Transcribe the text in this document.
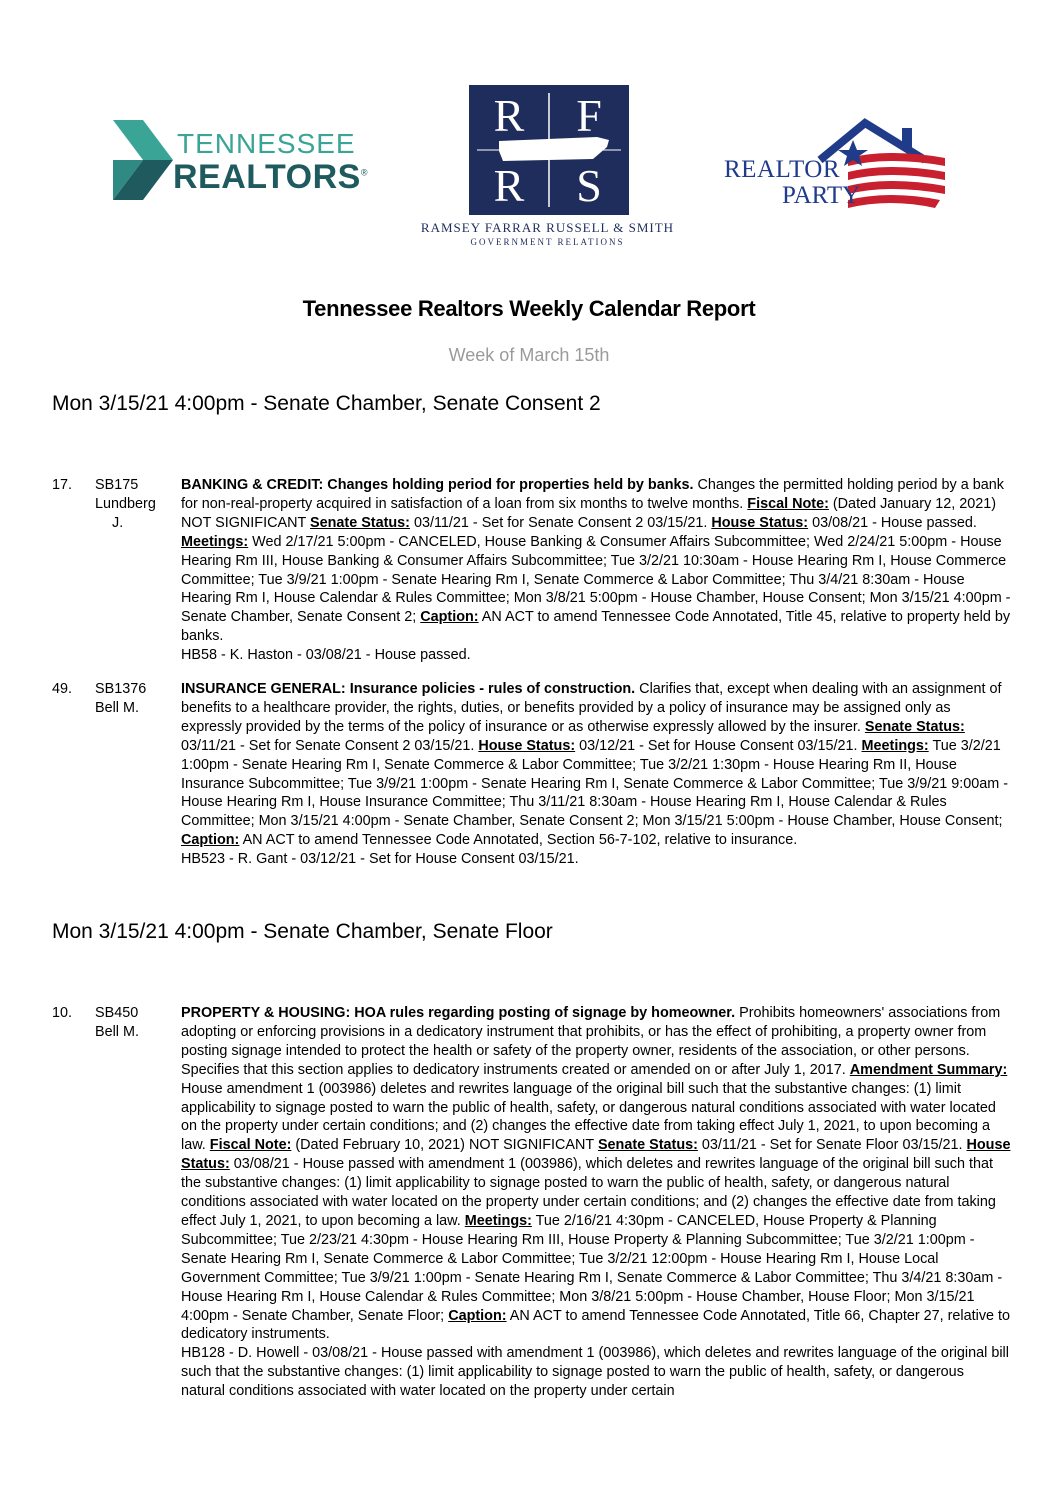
TENNESSEE
REALTORS®
R	F
R	S
RAMSEY FARRAR RUSSELL & SMITH
GOVERNMENT RELATIONS
REALTOR
PARTY
Tennessee Realtors Weekly Calendar Report
Week of March 15th
Mon 3/15/21 4:00pm - Senate Chamber, Senate Consent 2
17.	SB175
Lundberg
J.
BANKING & CREDIT: Changes holding period for properties held by banks. Changes the permitted holding period by a bank for non-real-property acquired in satisfaction of a loan from six months to twelve months. Fiscal Note: (Dated January 12, 2021) NOT SIGNIFICANT Senate Status: 03/11/21 - Set for Senate Consent 2 03/15/21. House Status: 03/08/21 - House passed. Meetings: Wed 2/17/21 5:00pm - CANCELED, House Banking & Consumer Affairs Subcommittee; Wed 2/24/21 5:00pm - House Hearing Rm III, House Banking & Consumer Affairs Subcommittee; Tue 3/2/21 10:30am - House Hearing Rm I, House Commerce Committee; Tue 3/9/21 1:00pm - Senate Hearing Rm I, Senate Commerce & Labor Committee; Thu 3/4/21 8:30am - House Hearing Rm I, House Calendar & Rules Committee; Mon 3/8/21 5:00pm - House Chamber, House Consent; Mon 3/15/21 4:00pm - Senate Chamber, Senate Consent 2; Caption: AN ACT to amend Tennessee Code Annotated, Title 45, relative to property held by banks.
HB58 - K. Haston - 03/08/21 - House passed.
49.	SB1376
Bell M.
INSURANCE GENERAL: Insurance policies - rules of construction. Clarifies that, except when dealing with an assignment of benefits to a healthcare provider, the rights, duties, or benefits provided by a policy of insurance may be assigned only as expressly provided by the terms of the policy of insurance or as otherwise expressly allowed by the insurer. Senate Status: 03/11/21 - Set for Senate Consent 2 03/15/21. House Status: 03/12/21 - Set for House Consent 03/15/21. Meetings: Tue 3/2/21 1:00pm - Senate Hearing Rm I, Senate Commerce & Labor Committee; Tue 3/2/21 1:30pm - House Hearing Rm II, House Insurance Subcommittee; Tue 3/9/21 1:00pm - Senate Hearing Rm I, Senate Commerce & Labor Committee; Tue 3/9/21 9:00am - House Hearing Rm I, House Insurance Committee; Thu 3/11/21 8:30am - House Hearing Rm I, House Calendar & Rules Committee; Mon 3/15/21 4:00pm - Senate Chamber, Senate Consent 2; Mon 3/15/21 5:00pm - House Chamber, House Consent; Caption: AN ACT to amend Tennessee Code Annotated, Section 56-7-102, relative to insurance.
HB523 - R. Gant - 03/12/21 - Set for House Consent 03/15/21.
Mon 3/15/21 4:00pm - Senate Chamber, Senate Floor
10.	SB450
Bell M.
PROPERTY & HOUSING: HOA rules regarding posting of signage by homeowner. Prohibits homeowners' associations from adopting or enforcing provisions in a dedicatory instrument that prohibits, or has the effect of prohibiting, a property owner from posting signage intended to protect the health or safety of the property owner, residents of the association, or other persons. Specifies that this section applies to dedicatory instruments created or amended on or after July 1, 2017. Amendment Summary: House amendment 1 (003986) deletes and rewrites language of the original bill such that the substantive changes: (1) limit applicability to signage posted to warn the public of health, safety, or dangerous natural conditions associated with water located on the property under certain conditions; and (2) changes the effective date from taking effect July 1, 2021, to upon becoming a law. Fiscal Note: (Dated February 10, 2021) NOT SIGNIFICANT Senate Status: 03/11/21 - Set for Senate Floor 03/15/21. House Status: 03/08/21 - House passed with amendment 1 (003986), which deletes and rewrites language of the original bill such that the substantive changes: (1) limit applicability to signage posted to warn the public of health, safety, or dangerous natural conditions associated with water located on the property under certain conditions; and (2) changes the effective date from taking effect July 1, 2021, to upon becoming a law. Meetings: Tue 2/16/21 4:30pm - CANCELED, House Property & Planning Subcommittee; Tue 2/23/21 4:30pm - House Hearing Rm III, House Property & Planning Subcommittee; Tue 3/2/21 1:00pm - Senate Hearing Rm I, Senate Commerce & Labor Committee; Tue 3/2/21 12:00pm - House Hearing Rm I, House Local Government Committee; Tue 3/9/21 1:00pm - Senate Hearing Rm I, Senate Commerce & Labor Committee; Thu 3/4/21 8:30am - House Hearing Rm I, House Calendar & Rules Committee; Mon 3/8/21 5:00pm - House Chamber, House Floor; Mon 3/15/21 4:00pm - Senate Chamber, Senate Floor; Caption: AN ACT to amend Tennessee Code Annotated, Title 66, Chapter 27, relative to dedicatory instruments.
HB128 - D. Howell - 03/08/21 - House passed with amendment 1 (003986), which deletes and rewrites language of the original bill such that the substantive changes: (1) limit applicability to signage posted to warn the public of health, safety, or dangerous natural conditions associated with water located on the property under certain
